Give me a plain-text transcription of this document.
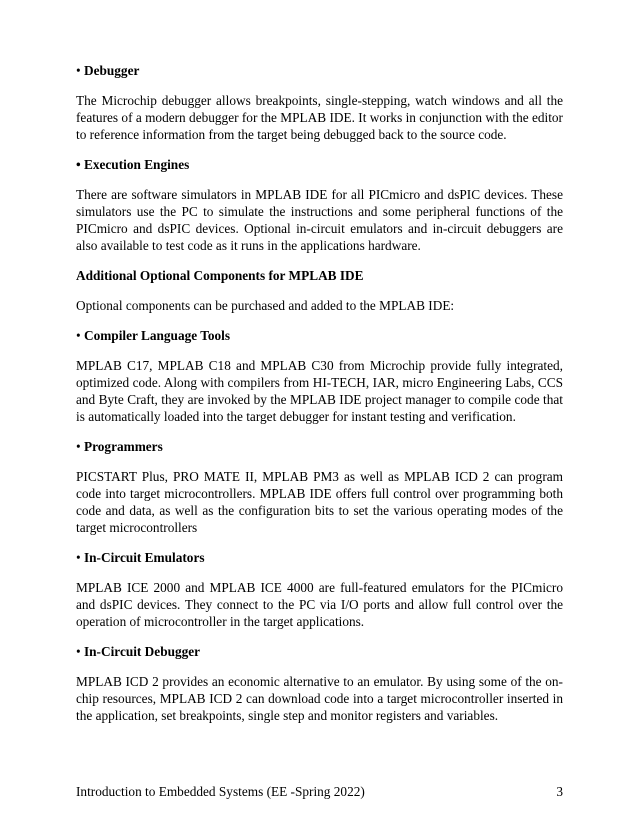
• Debugger

The Microchip debugger allows breakpoints, single-stepping, watch windows and all the features of a modern debugger for the MPLAB IDE. It works in conjunction with the editor to reference information from the target being debugged back to the source code.

• Execution Engines

There are software simulators in MPLAB IDE for all PICmicro and dsPIC devices. These simulators use the PC to simulate the instructions and some peripheral functions of the PICmicro and dsPIC devices. Optional in-circuit emulators and in-circuit debuggers are also available to test code as it runs in the applications hardware.

Additional Optional Components for MPLAB IDE

Optional components can be purchased and added to the MPLAB IDE:

• Compiler Language Tools

MPLAB C17, MPLAB C18 and MPLAB C30 from Microchip provide fully integrated, optimized code. Along with compilers from HI-TECH, IAR, micro Engineering Labs, CCS and Byte Craft, they are invoked by the MPLAB IDE project manager to compile code that is automatically loaded into the target debugger for instant testing and verification.

• Programmers

PICSTART Plus, PRO MATE II, MPLAB PM3 as well as MPLAB ICD 2 can program code into target microcontrollers. MPLAB IDE offers full control over programming both code and data, as well as the configuration bits to set the various operating modes of the target microcontrollers

• In-Circuit Emulators

MPLAB ICE 2000 and MPLAB ICE 4000 are full-featured emulators for the PICmicro and dsPIC devices. They connect to the PC via I/O ports and allow full control over the operation of microcontroller in the target applications.

• In-Circuit Debugger

MPLAB ICD 2 provides an economic alternative to an emulator. By using some of the on-chip resources, MPLAB ICD 2 can download code into a target microcontroller inserted in the application, set breakpoints, single step and monitor registers and variables.

Introduction to Embedded Systems (EE -Spring 2022)	3
